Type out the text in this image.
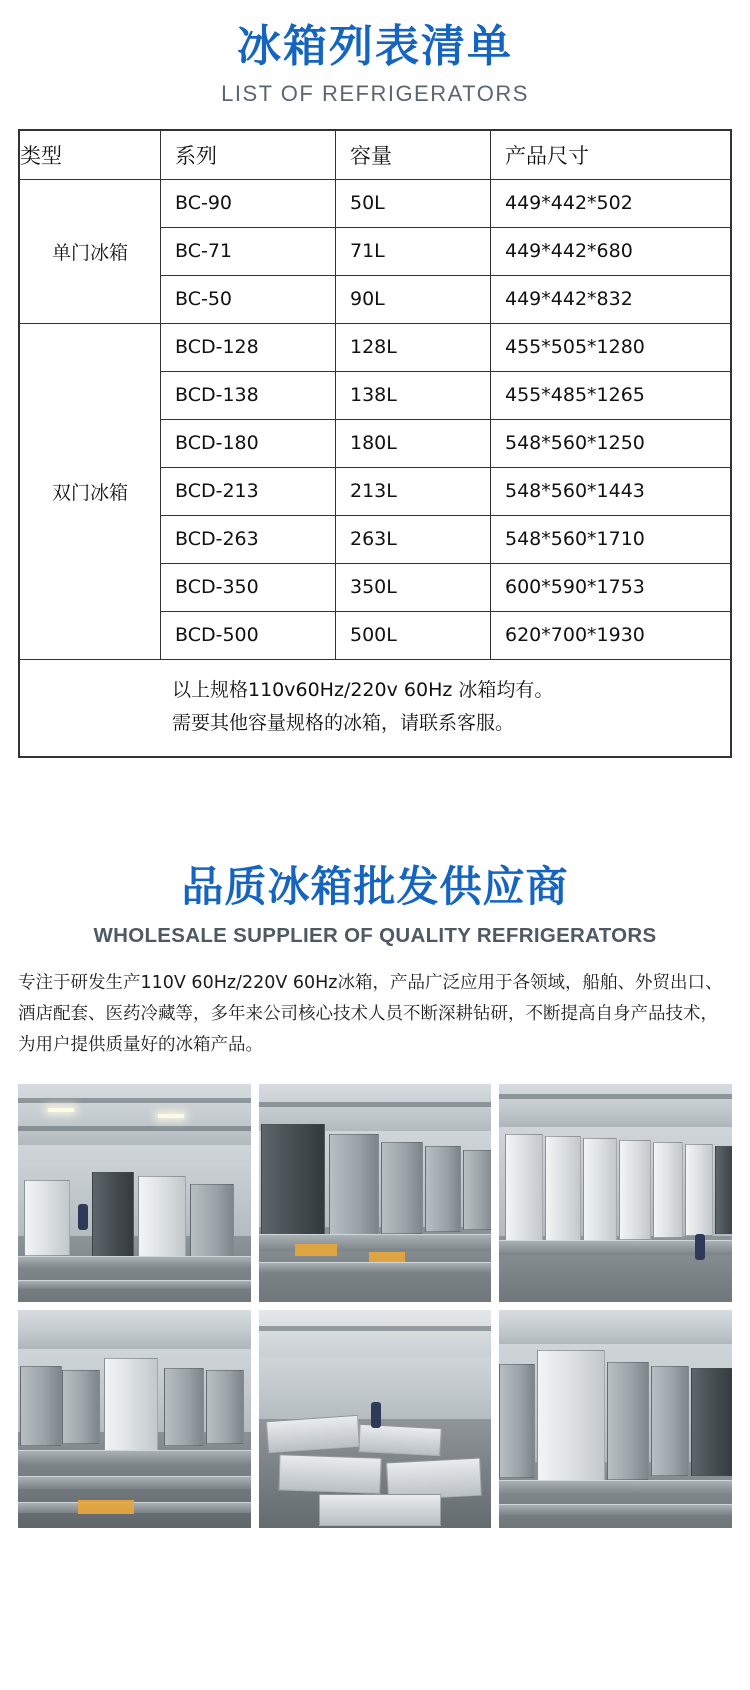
冰箱列表清单
LIST OF REFRIGERATORS
类型	系列	容量	产品尺寸
单门冰箱	BC-90	50L	449*442*502
	BC-71	71L	449*442*680
	BC-50	90L	449*442*832
双门冰箱	BCD-128	128L	455*505*1280
	BCD-138	138L	455*485*1265
	BCD-180	180L	548*560*1250
	BCD-213	213L	548*560*1443
	BCD-263	263L	548*560*1710
	BCD-350	350L	600*590*1753
	BCD-500	500L	620*700*1930

以上规格110v60Hz/220v 60Hz 冰箱均有。
需要其他容量规格的冰箱，请联系客服。			
品质冰箱批发供应商
WHOLESALE SUPPLIER OF QUALITY REFRIGERATORS
专注于研发生产110V 60Hz/220V 60Hz冰箱，产品广泛应用于各领域，船舶、外贸出口、酒店配套、医药冷藏等，多年来公司核心技术人员不断深耕钻研，不断提高自身产品技术，为用户提供质量好的冰箱产品。
